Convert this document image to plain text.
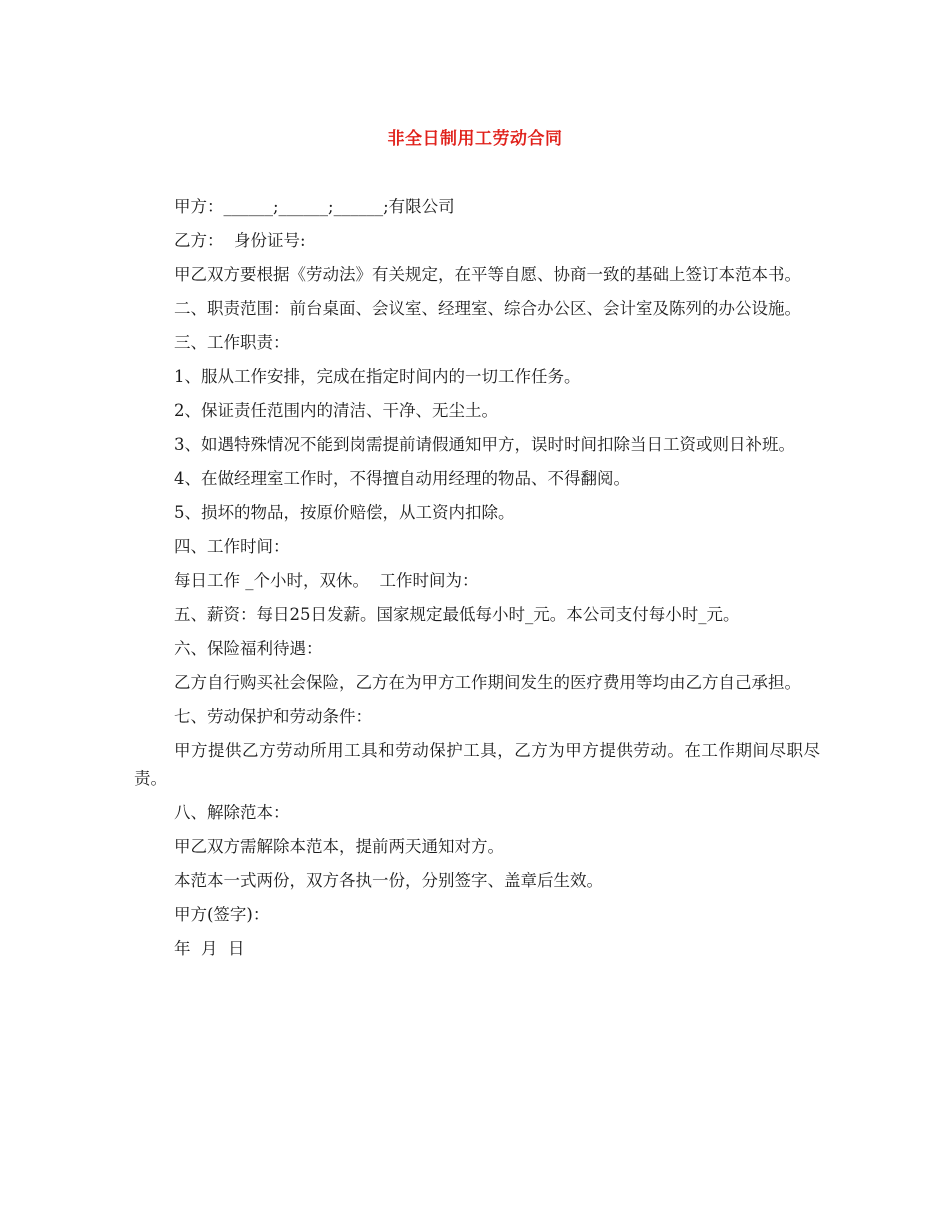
非全日制用工劳动合同

甲方：______;______;______;有限公司

乙方：  身份证号:

甲乙双方要根据《劳动法》有关规定，在平等自愿、协商一致的基础上签订本范本书。

二、职责范围：前台桌面、会议室、经理室、综合办公区、会计室及陈列的办公设施。

三、工作职责：

1、服从工作安排，完成在指定时间内的一切工作任务。

2、保证责任范围内的清洁、干净、无尘土。

3、如遇特殊情况不能到岗需提前请假通知甲方，误时时间扣除当日工资或则日补班。

4、在做经理室工作时，不得擅自动用经理的物品、不得翻阅。

5、损坏的物品，按原价赔偿，从工资内扣除。

四、工作时间：

每日工作 _个小时，双休。  工作时间为：

五、薪资：每日25日发薪。国家规定最低每小时_元。本公司支付每小时_元。

六、保险福利待遇：

乙方自行购买社会保险，乙方在为甲方工作期间发生的医疗费用等均由乙方自己承担。

七、劳动保护和劳动条件：

甲方提供乙方劳动所用工具和劳动保护工具，乙方为甲方提供劳动。在工作期间尽职尽责。

八、解除范本：

甲乙双方需解除本范本，提前两天通知对方。

本范本一式两份，双方各执一份，分别签字、盖章后生效。

甲方(签字)：

年  月  日
